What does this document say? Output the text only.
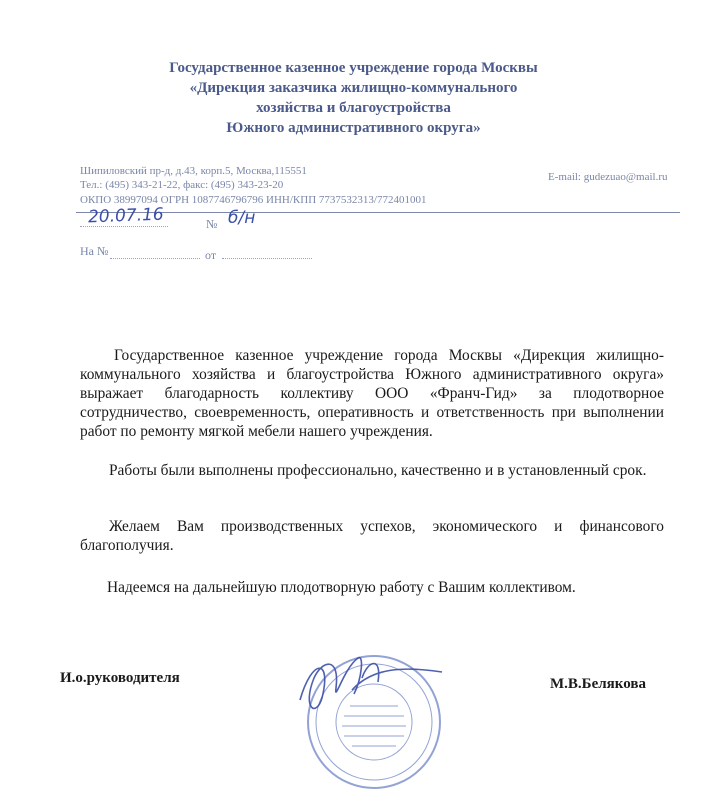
Государственное казенное учреждение города Москвы
«Дирекция заказчика жилищно-коммунального
хозяйства и благоустройства
Южного административного округа»
Шипиловский пр-д, д.43, корп.5, Москва,115551
Тел.: (495) 343-21-22, факс: (495) 343-23-20
ОКПО 38997094 ОГРН 1087746796796 ИНН/КПП 7737532313/772401001
E-mail: gudezuao@mail.ru
20.07.16	№ б/н
На №	от
Государственное казенное учреждение города Москвы «Дирекция жилищно-коммунального хозяйства и благоустройства Южного административного округа» выражает благодарность коллективу ООО «Франч-Гид» за плодотворное сотрудничество, своевременность, оперативность и ответственность при выполнении работ по ремонту мягкой мебели нашего учреждения.
Работы были выполнены профессионально, качественно и в установленный срок.
Желаем Вам производственных успехов, экономического и финансового благополучия.
Надеемся на дальнейшую плодотворную работу с Вашим коллективом.
И.о.руководителя	М.В.Белякова
